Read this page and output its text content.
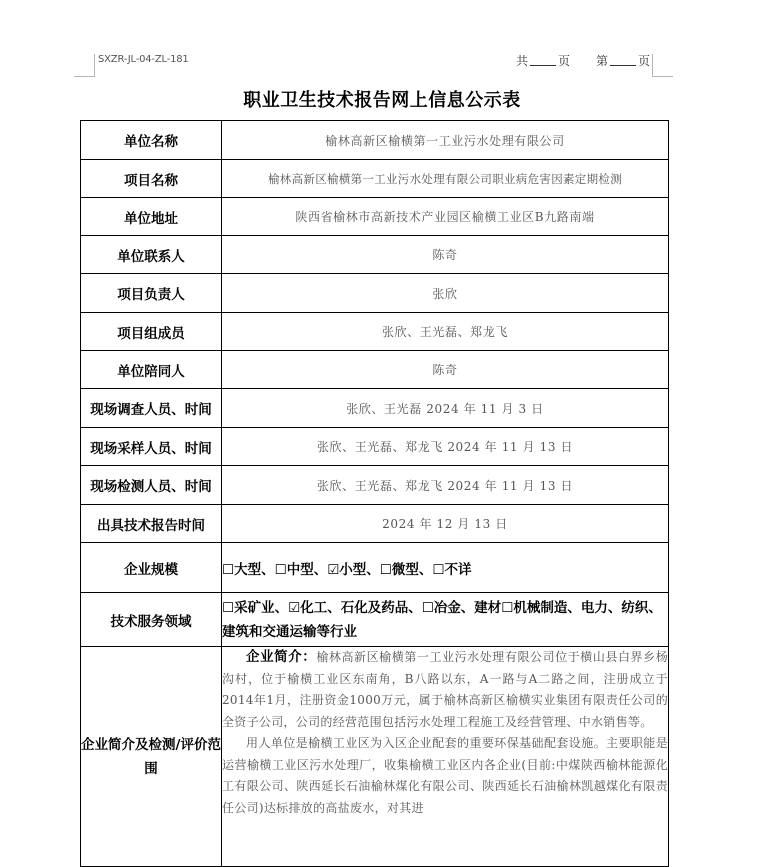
SXZR-JL-04-ZL-181	共	页 第	页
职业卫生技术报告网上信息公示表
单位名称	榆林高新区榆横第一工业污水处理有限公司
项目名称	榆林高新区榆横第一工业污水处理有限公司职业病危害因素定期检测
单位地址	陕西省榆林市高新技术产业园区榆横工业区B九路南端
单位联系人	陈奇
项目负责人	张欣
项目组成员	张欣、王光磊、郑龙飞
单位陪同人	陈奇
现场调查人员、时间	张欣、王光磊 2024 年 11 月 3 日
现场采样人员、时间	张欣、王光磊、郑龙飞 2024 年 11 月 13 日
现场检测人员、时间	张欣、王光磊、郑龙飞 2024 年 11 月 13 日
出具技术报告时间	2024 年 12 月 13 日
企业规模	☐大型、☐中型、☑小型、☐微型、☐不详
技术服务领域	☐采矿业、☑化工、石化及药品、☐冶金、建材☐机械制造、电力、纺织、建筑和交通运输等行业
企业简介及检测/评价范围	企业简介：榆林高新区榆横第一工业污水处理有限公司位于横山县白界乡杨沟村，位于榆横工业区东南角，B八路以东，A一路与A二路之间，注册成立于2014年1月，注册资金1000万元，属于榆林高新区榆横实业集团有限责任公司的全资子公司，公司的经营范围包括污水处理工程施工及经营管理、中水销售等。

用人单位是榆横工业区为入区企业配套的重要环保基础配套设施。主要职能是运营榆横工业区污水处理厂，收集榆横工业区内各企业(目前:中煤陕西榆林能源化工有限公司、陕西延长石油榆林煤化有限公司、陕西延长石油榆林凯越煤化有限责任公司)达标排放的高盐废水，对其进
